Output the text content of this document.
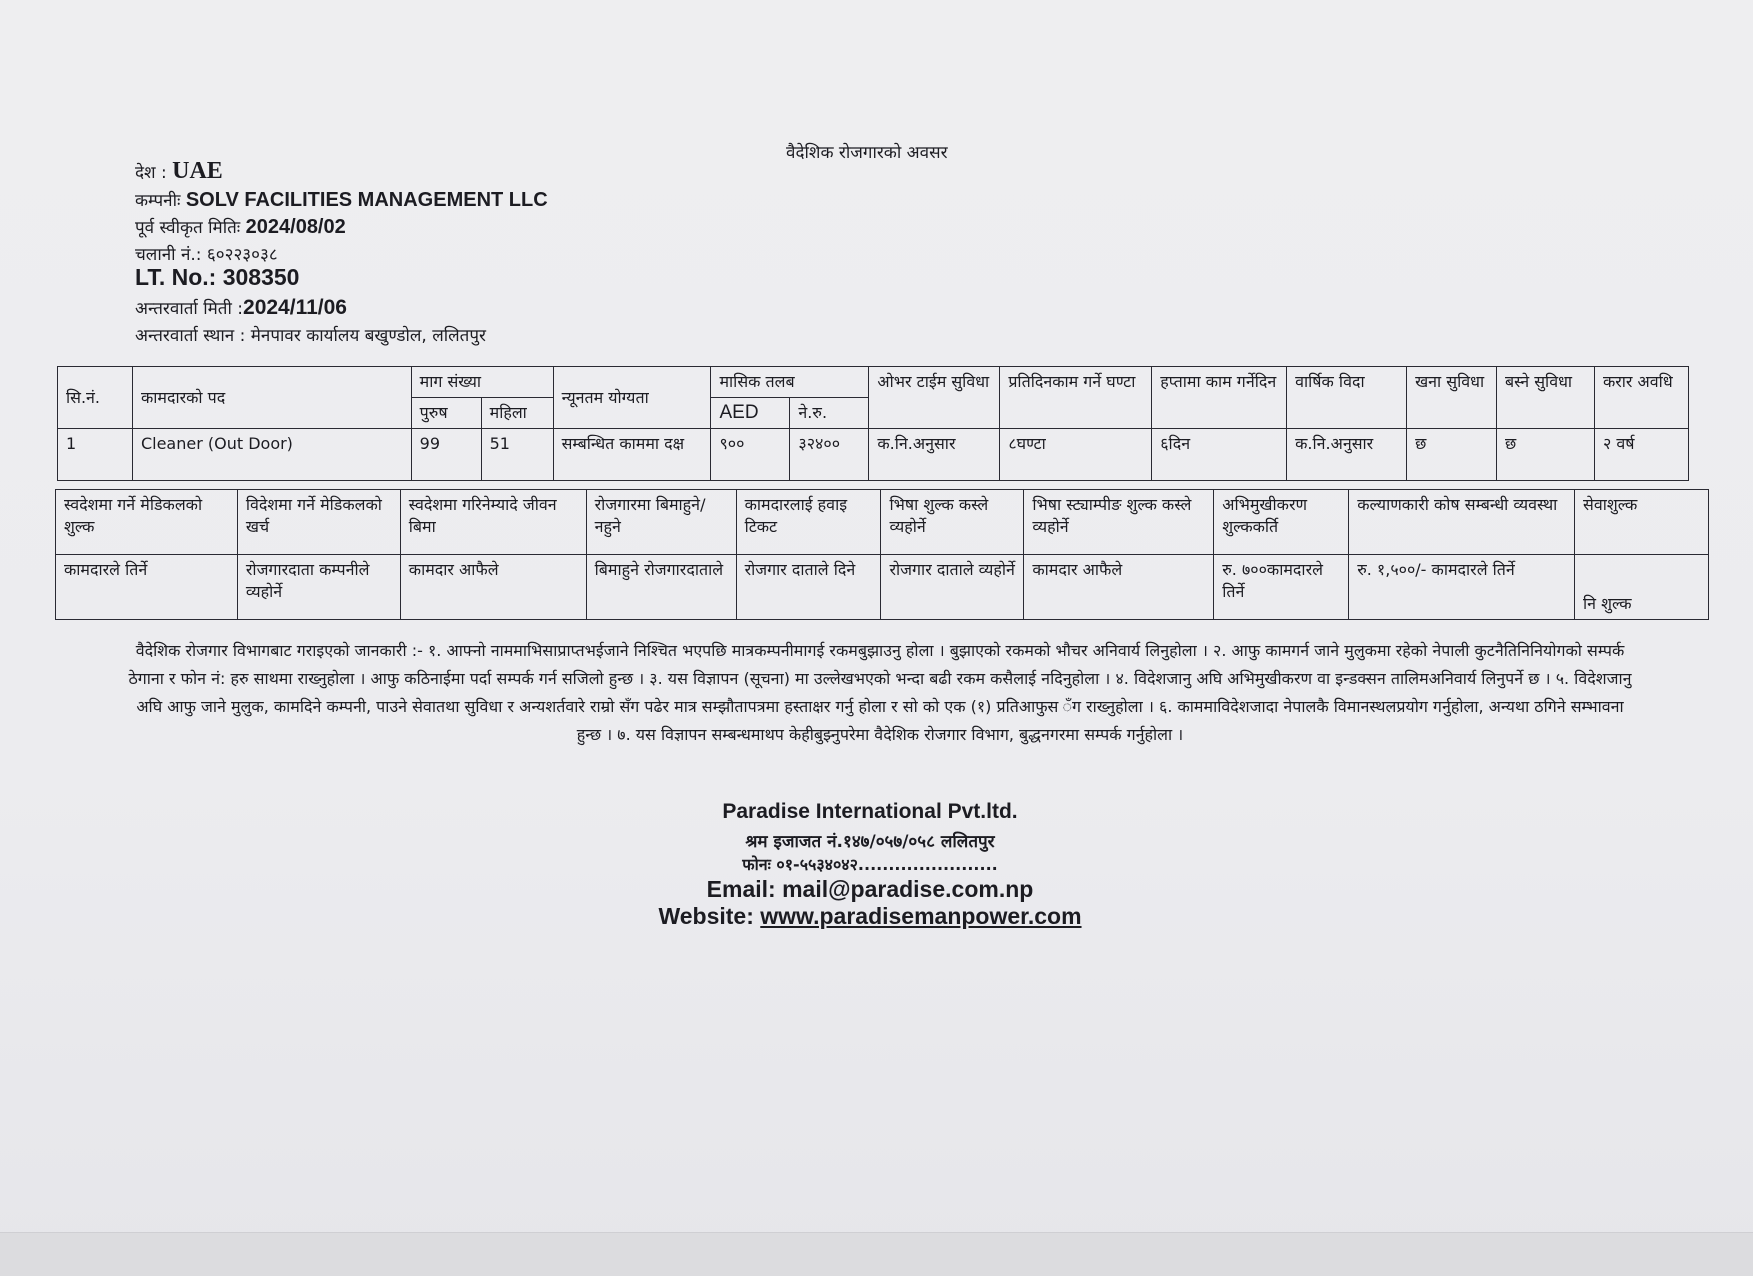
वैदेशिक रोजगारको अवसर
देश : UAE
कम्पनीः SOLV FACILITIES MANAGEMENT LLC
पूर्व स्वीकृत मितिः 2024/08/02
चलानी नं.: ६०२२३०३८
LT. No.: 308350
अन्तरवार्ता मिती :2024/11/06
अन्तरवार्ता स्थान : मेनपावर कार्यालय बखुण्डोल, ललितपुर
सि.नं.	कामदारको पद	माग संख्या		न्यूनतम योग्यता	मासिक तलब		ओभर टाईम सुविधा	प्रतिदिनकाम गर्ने घण्टा	हप्तामा काम गर्नेदिन	वार्षिक विदा	खना सुविधा	बस्ने सुविधा	करार अवधि
		पुरुष	महिला		AED	ने.रु.							
1	Cleaner (Out Door)	99	51	सम्बन्धित काममा दक्ष	९००	३२४००	क.नि.अनुसार	८घण्टा	६दिन	क.नि.अनुसार	छ	छ	२ वर्ष
स्वदेशमा गर्ने मेडिकलको शुल्क	विदेशमा गर्ने मेडिकलको खर्च	स्वदेशमा गरिनेम्यादे जीवन बिमा	रोजगारमा बिमाहुने/नहुने	कामदारलाई हवाइ टिकट	भिषा शुल्क कस्ले व्यहोर्ने	भिषा स्ट्याम्पीङ शुल्क कस्ले व्यहोर्ने	अभिमुखीकरण शुल्ककर्ति	कल्याणकारी कोष सम्बन्धी व्यवस्था	सेवाशुल्क
कामदारले तिर्ने	रोजगारदाता कम्पनीले व्यहोर्ने	कामदार आफैले	बिमाहुने रोजगारदाताले	रोजगार दाताले दिने	रोजगार दाताले व्यहोर्ने	कामदार आफैले	रु. ७००कामदारले तिर्ने	रु. १,५००/- कामदारले तिर्ने	नि शुल्क
वैदेशिक रोजगार विभागबाट गराइएको जानकारी :- १. आफ्नो नाममाभिसाप्राप्तभईजाने निश्चित भएपछि मात्रकम्पनीमागई रकमबुझाउनु होला । बुझाएको रकमको भौचर अनिवार्य लिनुहोला । २. आफु कामगर्न जाने मुलुकमा रहेको नेपाली कुटनैतिनिनियोगको सम्पर्क ठेगाना र फोन नं: हरु साथमा राख्नुहोला । आफु कठिनाईमा पर्दा सम्पर्क गर्न सजिलो हुन्छ । ३. यस विज्ञापन (सूचना) मा उल्लेखभएको भन्दा बढी रकम कसैलाई नदिनुहोला । ४. विदेशजानु अघि अभिमुखीकरण वा इन्डक्सन तालिमअनिवार्य लिनुपर्ने छ । ५. विदेशजानु अघि आफु जाने मुलुक, कामदिने कम्पनी, पाउने सेवातथा सुविधा र अन्यशर्तवारे राम्रो सँग पढेर मात्र सम्झौतापत्रमा हस्ताक्षर गर्नु होला र सो को एक (१) प्रतिआफुस ँग राख्नुहोला । ६. काममाविदेशजादा नेपालकै विमानस्थलप्रयोग गर्नुहोला, अन्यथा ठगिने सम्भावना हुन्छ । ७. यस विज्ञापन सम्बन्धमाथप केहीबुझ्नुपरेमा वैदेशिक रोजगार विभाग, बुद्धनगरमा सम्पर्क गर्नुहोला ।
Paradise International Pvt.ltd.
श्रम इजाजत नं.१४७/०५७/०५८ ललितपुर
फोनः ०१-५५३४०४२.......................
Email: mail@paradise.com.np
Website: www.paradisemanpower.com
